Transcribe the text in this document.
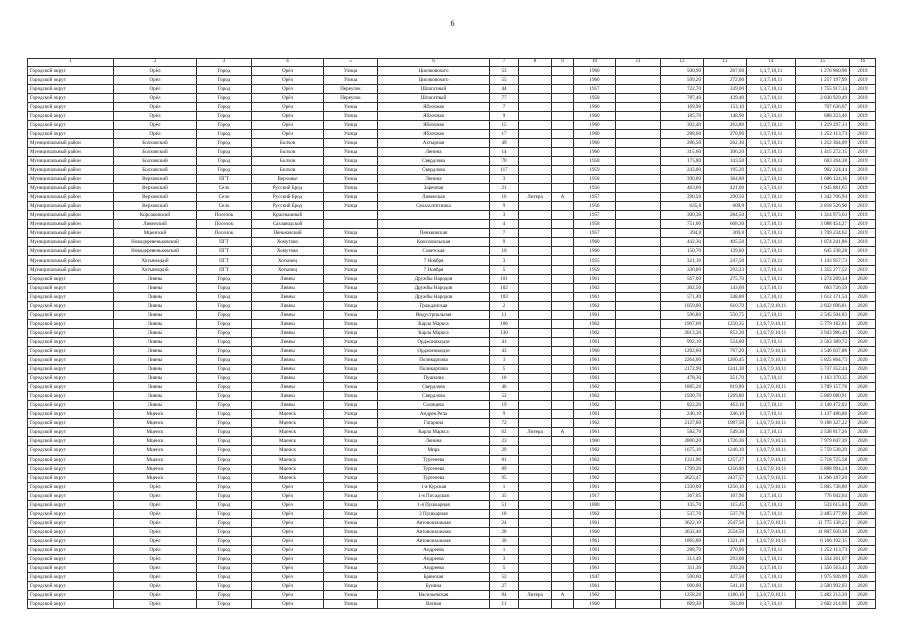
6
1	2	3	4	5	6	7	8	9	10	11	12	13	14	15	16
Городской округ	Орёл	Город	Орёл	Улица	Циолковского	53			1960		500,90	267,60	1,3,7,10,11	1 276 860,96	2019
Городской округ	Орёл	Город	Орёл	Улица	Циолковского	55			1960		509,20	272,00	1,3,7,10,11	1 257 197,99	2019
Городской округ	Орёл	Город	Орёл	Переулок	Шпагатный	44			1957		722,70	339,00	1,3,7,10,11	1 755 917,34	2019
Городской округ	Орёл	Город	Орёл	Переулок	Шпагатный	77			1958		787,40	439,40	1,3,7,10,11	2 030 929,49	2019
Городской округ	Орёл	Город	Орёл	Улица	Яблочная	7			1960		169,90	153,10	1,3,7,10,11	707 636,07	2019
Городской округ	Орёл	Город	Орёл	Улица	Яблочная	9			1960		185,70	148,90	1,3,7,10,11	688 223,46	2019
Городской округ	Орёл	Город	Орёл	Улица	Яблочная	15			1960		302,40	263,80	1,3,7,10,11	1 219 297,13	2019
Городской округ	Орёл	Город	Орёл	Улица	Яблочная	17			1960		288,60	270,90	1,3,7,10,11	1 252 113,73	2019
Муниципальный район	Болховский	Город	Болхов	Улица	Ахтырная	49			1960		286,50	262,30	1,3,7,10,11	1 212 364,09	2019
Муниципальный район	Болховский	Город	Болхов	Улица	Ленина	14			1960		315,60	306,20	1,3,7,10,11	1 415 272,15	2019
Муниципальный район	Болховский	Город	Болхов	Улица	Свердлова	70			1958		175,80	143,50	1,3,7,10,11	663 264,38	2019
Муниципальный район	Болховский	Город	Болхов	Улица	Свердлова	117			1959		243,00	195,20	1,3,7,10,11	902 224,44	2019
Муниципальный район	Верховский	ПГТ	Верховье	Улица	Ленина	3			1958		390,00	364,80	1,3,7,10,11	1 686 124,36	2019
Муниципальный район	Верховский	Село	Русский Брод	Улица	Заречная	21			1956		463,00	421,00	1,3,7,10,11	1 945 881,65	2019
Муниципальный район	Верховский	Село	Русский Брод	Улица	Ливенская	16	Литера	А	1957		290,50	290,50	1,3,7,10,11	1 342 706,94	2019
Муниципальный район	Верховский	Село	Русский Брод	Улица	Сельхозтехника	9			1956		635,8	609,8	1,3,7,10,11	2 818 526,96	2019
Муниципальный район	Корсаковский	Поселок	Краснышный			3			1957		300,30	284,50	1,3,7,10,11	1 314 973,63	2019
Муниципальный район	Ливенский	Поселок	Сахзаводской			4			1958		751,00	668,30	1,3,7,10,11	3 088 454,27	2019
Муниципальный район	Мценский	Поселок	Пеньковский	Улица	Пеньковская	7			1957		394,8	369,8	1,3,7,10,11	1 709 234,62	2019
Муниципальный район	Новодеревеньковский	ПГТ	Хомутово	Улица	Комсомольская	9			1960		442,30	405,50	1,3,7,10,11	1 874 241,86	2019
Муниципальный район	Новодеревеньковский	ПГТ	Хомутово	Улица	Советская	10			1960		150,70	139,60	1,3,7,10,11	645 238,28	2019
Муниципальный район	Хотынецкий	ПГТ	Хотынец	Улица	7 Ноября	3			1955		321,10	247,50	1,3,7,10,11	1 143 957,73	2019
Муниципальный район	Хотынецкий	ПГТ	Хотынец	Улица	7 Ноября	5			1959		330,00	293,23	1,3,7,10,11	1 355 277,52	2019
Городской округ	Ливны	Город	Ливны	Улица	Дружбы Народов	101			1961		567,00	275,70	1,3,7,10,11	1 274 209,34	2020
Городской округ	Ливны	Город	Ливны	Улица	Дружбы Народов	102			1962		302,50	143,60	1,3,7,10,11	663 726,59	2020
Городской округ	Ливны	Город	Ливны	Улица	Дружбы Народов	103			1961		571,40	348,80	1,3,7,10,11	1 612 171,54	2020
Городской округ	Ливны	Город	Ливны	Улица	Гражданская	2			1962		1059,00	610,70	1,3,6,7,9,10,11	2 822 696,81	2020
Городской округ	Ливны	Город	Ливны	Улица	Индустриальная	11			1961		596,80	550,75	1,3,7,10,11	2 545 504,83	2020
Городской округ	Ливны	Город	Ливны	Улица	Карла Маркса	106			1962		1967,60	1250,35	1,3,6,7,9,10,11	5 779 182,01	2020
Городской округ	Ливны	Город	Ливны	Улица	Карла Маркса	130			1962		2013,30	853,30	1,3,6,7,9,10,11	3 943 986,49	2020
Городской округ	Ливны	Город	Ливны	Улица	Орджоникидзе	41			1961		992,10	554,60	1,3,7,10,11	2 563 389,72	2020
Городской округ	Ливны	Город	Ливны	Улица	Орджоникидзе	43			1960		1202,60	767,20	1,3,6,7,9,10,11	3 546 037,86	2020
Городской округ	Ливны	Город	Ливны	Улица	Поликарпова	3			1961		2264,00	1260,45	1,3,6,7,9,10,11	5 825 864,73	2020
Городской округ	Ливны	Город	Ливны	Улица	Поликарпова	5			1961		2172,90	1241,30	1,3,6,7,9,10,11	5 737 352,44	2020
Городской округ	Ливны	Город	Ливны	Улица	Пушкина	18			1961		478,30	251,70	1,3,7,10,11	1 163 370,35	2020
Городской округ	Ливны	Город	Ливны	Улица	Свердлова	46			1962		1885,20	819,80	1,3,6,7,9,10,11	3 789 157,76	2020
Городской округ	Ливны	Город	Ливны	Улица	Свердлова	52			1962		1930,70	1269,80	1,3,6,7,9,10,11	5 869 080,91	2020
Городской округ	Ливны	Город	Ливны	Улица	Солнцева	19			1962		822,20	463,10	1,3,7,10,11	2 140 472,02	2020
Городской округ	Мценск	Город	Мценск	Улица	Андрея Рела	9			1961		246,10	246,10	1,3,7,10,11	1 137 486,86	2020
Городской округ	Мценск	Город	Мценск	Улица	Гагарина	72			1962		2127,80	1987,50	1,3,6,7,9,10,11	9 186 327,22	2020
Городской округ	Мценск	Город	Мценск	Улица	Карла Маркса	62	Литера	А	1961		582,70	549,30	1,3,7,10,11	2 538 817,26	2020
Городской округ	Мценск	Город	Мценск	Улица	Ленина	23			1960		2800,20	1726,36	1,3,6,7,9,10,11	7 979 047,39	2020
Городской округ	Мценск	Город	Мценск	Улица	Мира	29			1962		1675,10	1246,10	1,3,6,7,9,10,11	5 759 538,29	2020
Городской округ	Мценск	Город	Мценск	Улица	Тургенева	81			1962		1331,90	1257,27	1,3,6,7,9,10,11	5 718 725,58	2020
Городской округ	Мценск	Город	Мценск	Улица	Тургенева	89			1962		1799,20	1256,80	1,3,6,7,9,10,11	5 808 994,24	2020
Городской округ	Мценск	Город	Мценск	Улица	Тургенева	95			1962		2623,47	2437,57	1,3,6,7,9,10,11	11 266 187,20	2020
Городской округ	Орёл	Город	Орёл	Улица	1-я Курская	1			1961		1330,00	1256,10	1,3,6,7,9,10,11	5 805 738,80	2020
Городской округ	Орёл	Город	Орёл	Улица	1-я Посадская	35			1917		367,05	167,90	1,3,7,10,11	776 042,64	2020
Городской округ	Орёл	Город	Орёл	Улица	1-я Пушкарная	51			1880		135,70	115,45	1,3,7,10,11	533 615,84	2020
Городской округ	Орёл	Город	Орёл	Улица	2 Пушкарная	18			1962		537,70	537,70	1,3,7,10,11	2 485 277,06	2020
Городской округ	Орёл	Город	Орёл	Улица	Автовокзальная	24			1961		3622,10	2547,50	1,3,6,7,9,10,11	11 775 138,23	2020
Городской округ	Орёл	Город	Орёл	Улица	Автовокзальная	28			1960		3632,40	2554,50	1,3,6,7,9,10,11	11 807 030,38	2020
Городской округ	Орёл	Город	Орёл	Улица	Автовокзальная	30			1961		1865,00	1321,10	1,3,6,7,9,10,11	6 106 192,15	2020
Городской округ	Орёл	Город	Орёл	Улица	Андреева	1			1961		288,70	270,90	1,3,7,10,11	1 252 113,73	2020
Городской округ	Орёл	Город	Орёл	Улица	Андреева	3			1961		313,40	293,00	1,3,7,10,11	1 354 261,07	2020
Городской округ	Орёл	Город	Орёл	Улица	Андреева	5			1961		311,30	292,20	1,3,7,10,11	1 350 563,43	2020
Городской округ	Орёл	Город	Орёл	Улица	Брянская	52			1947		590,60	427,50	1,3,7,10,11	1 975 926,99	2020
Городской округ	Орёл	Город	Орёл	Улица	Бунина	27			1961		600,00	541,10	1,3,7,10,11	2 500 992,03	2020
Городской округ	Орёл	Город	Орёл	Улица	Васильевская	84	Литера	А	1962		1258,20	1186,10	1,3,6,7,9,10,11	5 482 213,20	2020
Городской округ	Орёл	Город	Орёл	Улица	Ватная	11			1960		609,30	563,00	1,3,7,10,11	2 602 214,96	2020
